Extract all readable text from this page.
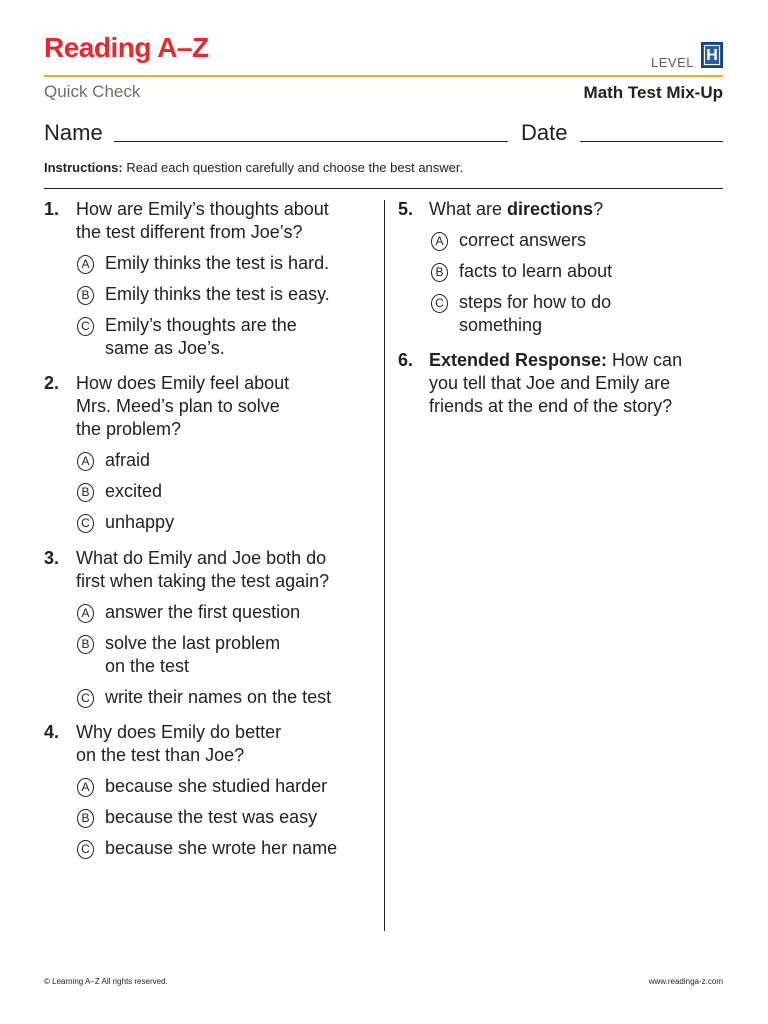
Reading A–Z	LEVEL H
Quick Check	Math Test Mix-Up
Name	Date
Instructions: Read each question carefully and choose the best answer.
1. How are Emily’s thoughts about
the test different from Joe’s?
A Emily thinks the test is hard.
B Emily thinks the test is easy.
C Emily’s thoughts are the
same as Joe’s.
2. How does Emily feel about
Mrs. Meed’s plan to solve
the problem?
A afraid
B excited
C unhappy
3. What do Emily and Joe both do
first when taking the test again?
A answer the first question
B solve the last problem
on the test
C write their names on the test
4. Why does Emily do better
on the test than Joe?
A because she studied harder
B because the test was easy
C because she wrote her name
5. What are directions?
A correct answers
B facts to learn about
C steps for how to do
something
6. Extended Response: How can
you tell that Joe and Emily are
friends at the end of the story?
© Learning A–Z All rights reserved.	www.readinga-z.com
